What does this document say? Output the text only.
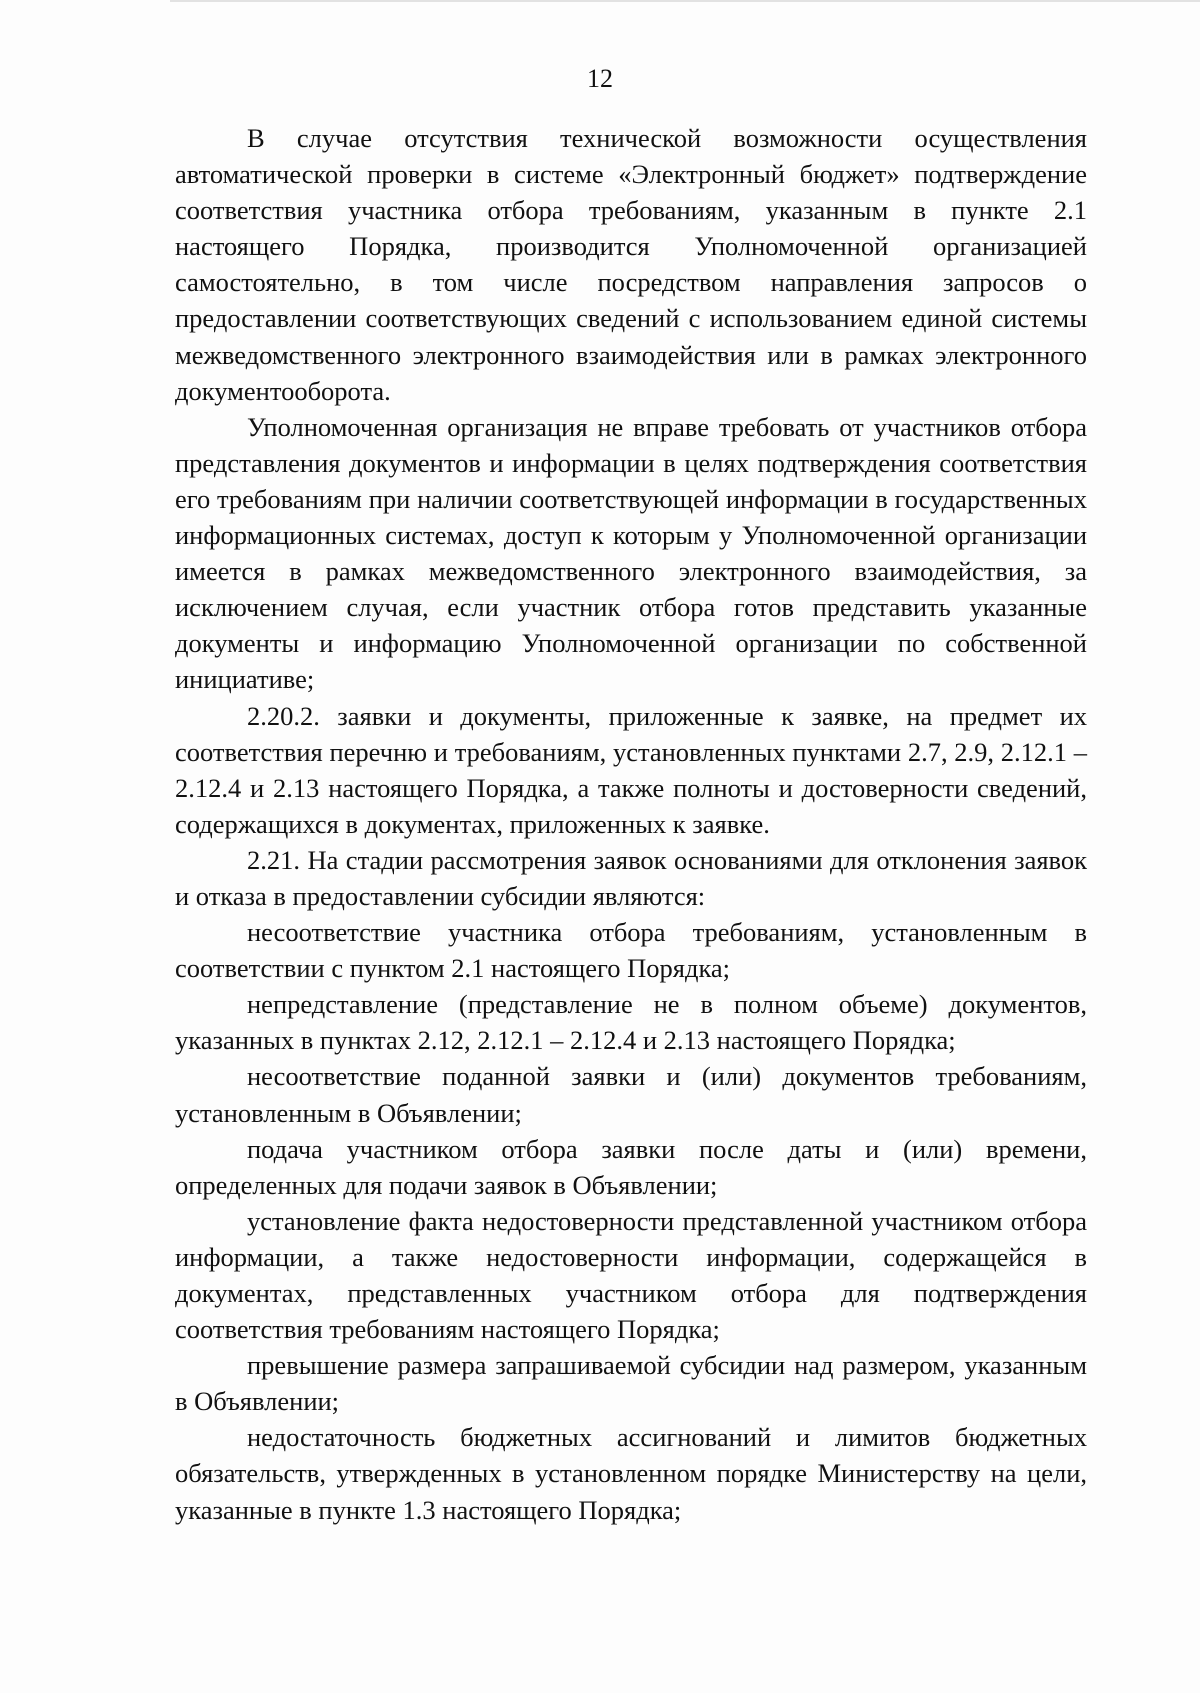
12

В случае отсутствия технической возможности осуществления автоматической проверки в системе «Электронный бюджет» подтверждение соответствия участника отбора требованиям, указанным в пункте 2.1 настоящего Порядка, производится Уполномоченной организацией самостоятельно, в том числе посредством направления запросов о предоставлении соответствующих сведений с использованием единой системы межведомственного электронного взаимодействия или в рамках электронного документооборота.

Уполномоченная организация не вправе требовать от участников отбора представления документов и информации в целях подтверждения соответствия его требованиям при наличии соответствующей информации в государственных информационных системах, доступ к которым у Уполномоченной организации имеется в рамках межведомственного электронного взаимодействия, за исключением случая, если участник отбора готов представить указанные документы и информацию Уполномоченной организации по собственной инициативе;

2.20.2. заявки и документы, приложенные к заявке, на предмет их соответствия перечню и требованиям, установленных пунктами 2.7, 2.9, 2.12.1 – 2.12.4 и 2.13 настоящего Порядка, а также полноты и достоверности сведений, содержащихся в документах, приложенных к заявке.

2.21. На стадии рассмотрения заявок основаниями для отклонения заявок и отказа в предоставлении субсидии являются:

несоответствие участника отбора требованиям, установленным в соответствии с пунктом 2.1 настоящего Порядка;

непредставление (представление не в полном объеме) документов, указанных в пунктах 2.12, 2.12.1 – 2.12.4 и 2.13 настоящего Порядка;

несоответствие поданной заявки и (или) документов требованиям, установленным в Объявлении;

подача участником отбора заявки после даты и (или) времени, определенных для подачи заявок в Объявлении;

установление факта недостоверности представленной участником отбора информации, а также недостоверности информации, содержащейся в документах, представленных участником отбора для подтверждения соответствия требованиям настоящего Порядка;

превышение размера запрашиваемой субсидии над размером, указанным в Объявлении;

недостаточность бюджетных ассигнований и лимитов бюджетных обязательств, утвержденных в установленном порядке Министерству на цели, указанные в пункте 1.3 настоящего Порядка;
